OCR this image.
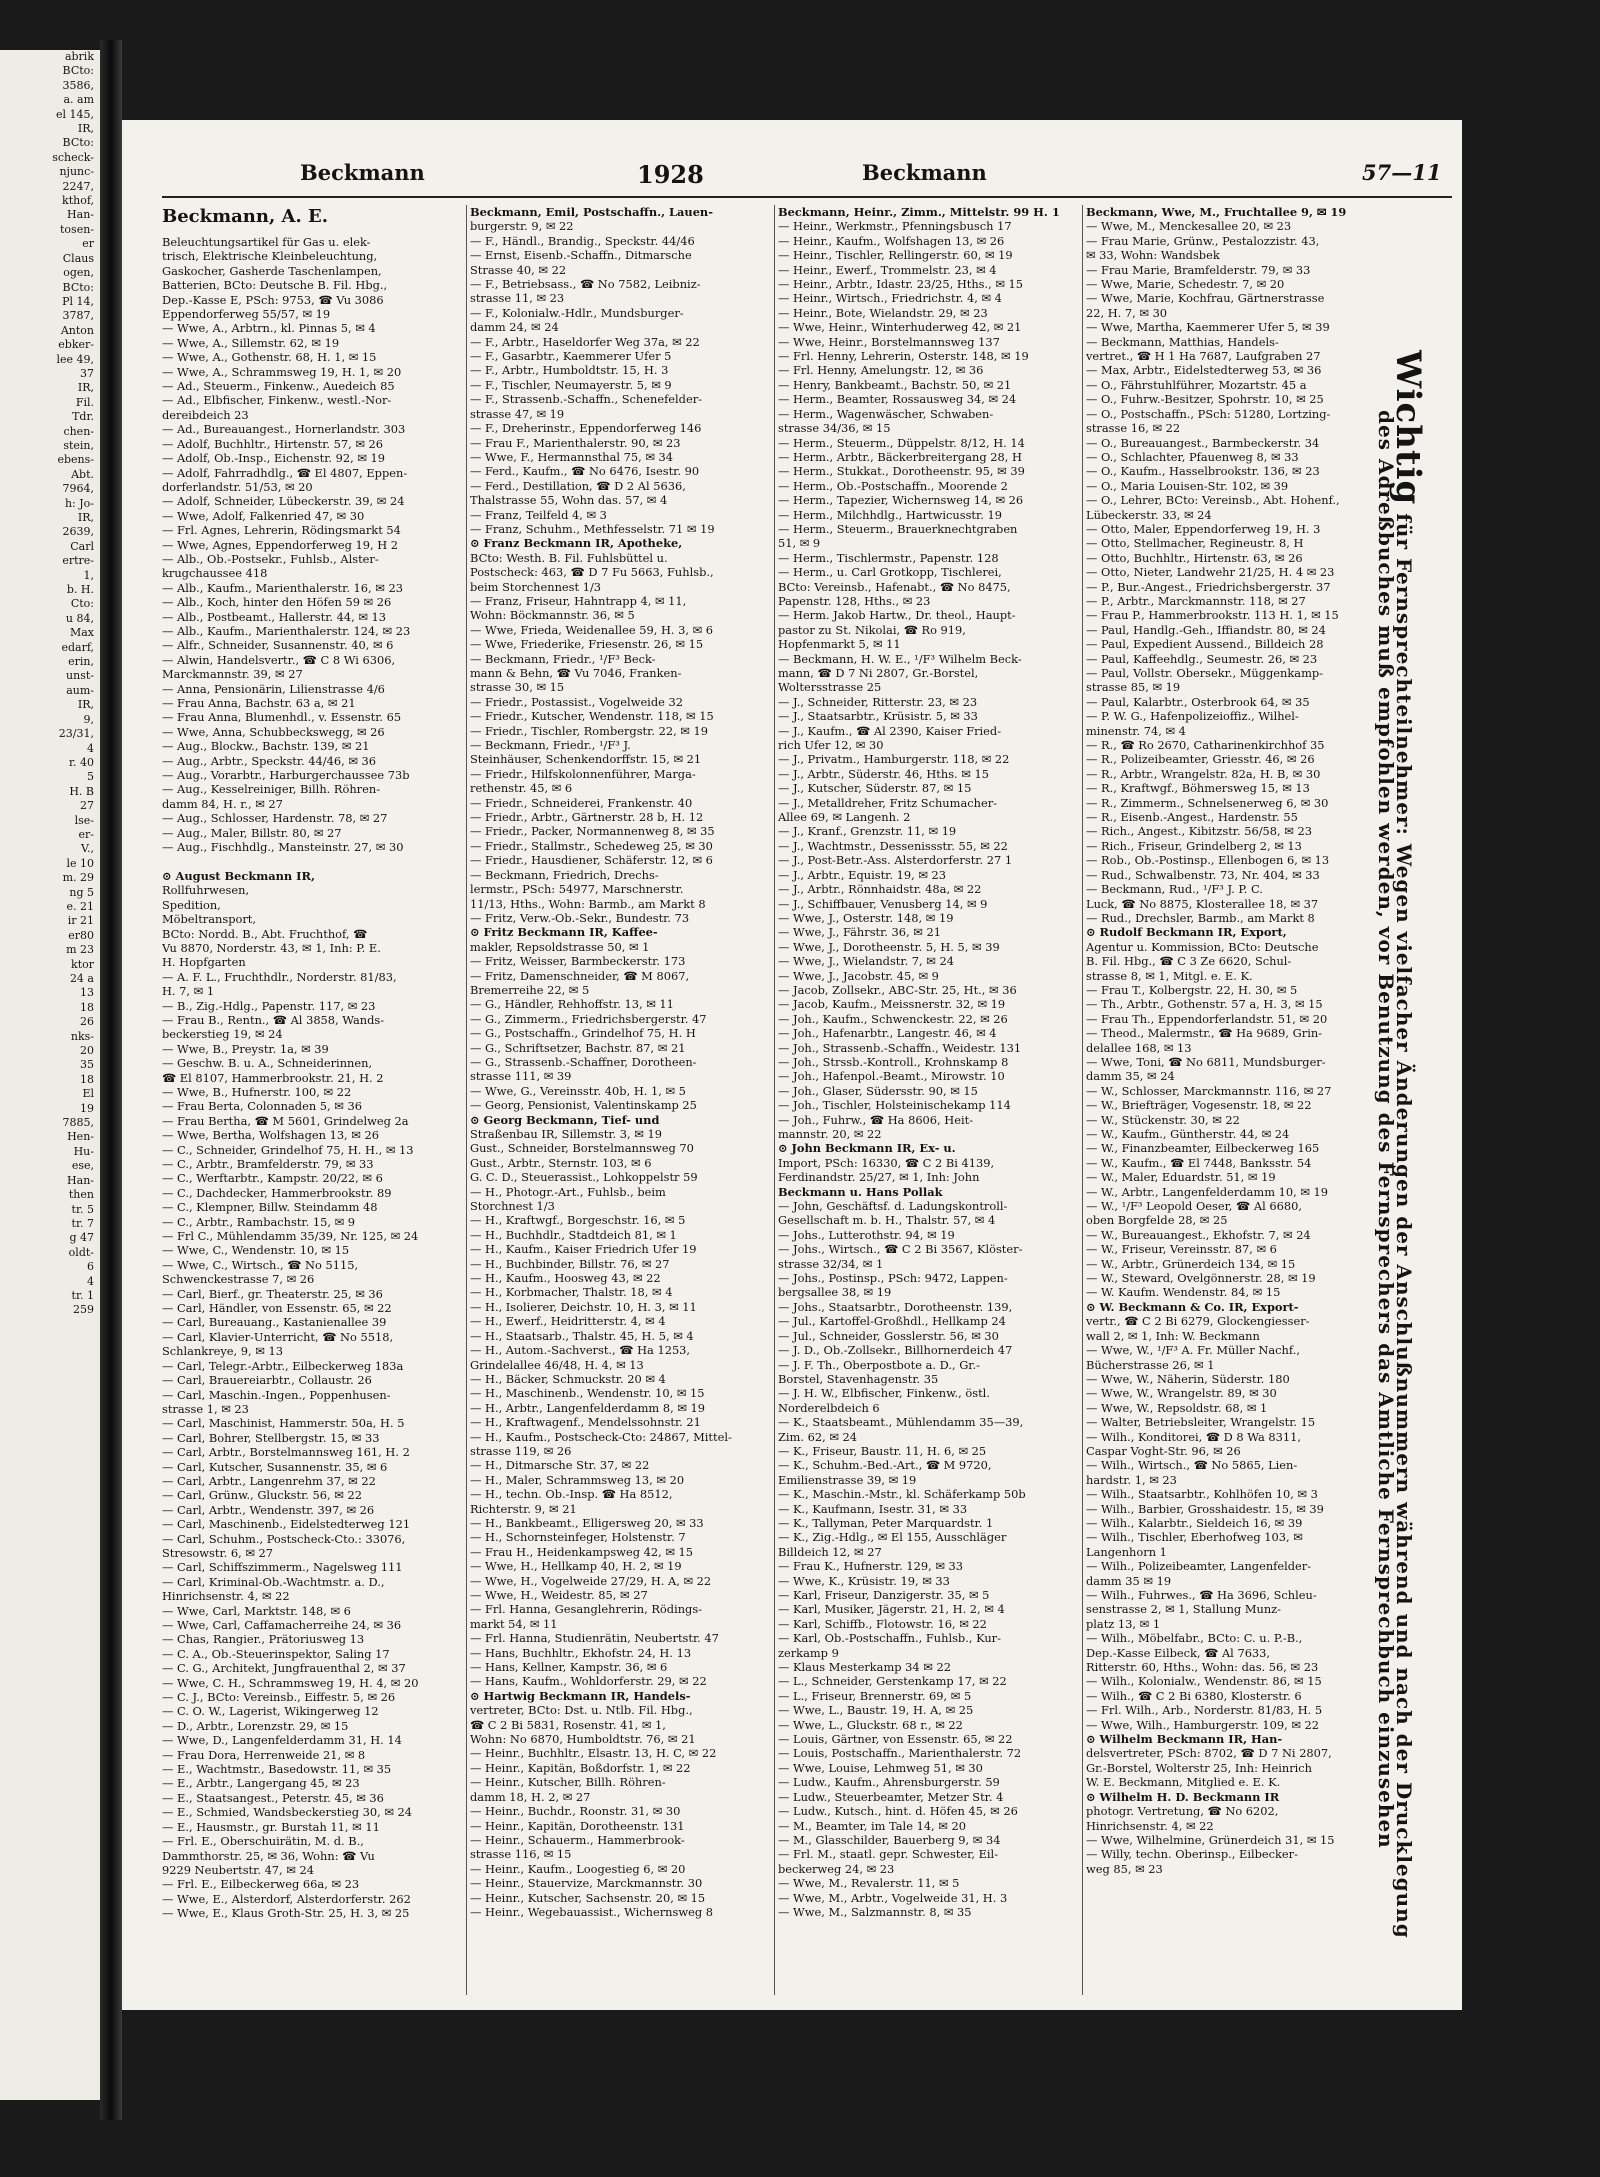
abrik
BCto:
3586,
a. am
el 145,
IR,
BCto:
scheck-
njunc-
2247,
kthof,
Han-
tosen-
er
Claus
ogen,
BCto:
Pl 14,
3787,
Anton
ebker-
lee 49,
37
IR,
Fil.
Tdr.
chen-
stein,
ebens-
Abt.
7964,
h: Jo-
IR,
2639,
Carl
ertre-
1,
b. H.
Cto:
u 84,
Max
edarf,
erin,
unst-
aum-
IR,
9,
23/31,
4
r. 40
5
H. B
27
lse-
er-
V.,
le 10
m. 29
ng 5
e. 21
ir 21
er80
m 23
ktor
24 a
13
18
26
nks-
20
35
18
El
19
7885,
Hen-
Hu-
ese,
Han-
then
tr. 5
tr. 7
g 47
oldt-
6
4
tr. 1
259
Beckmann	1928	Beckmann	57—11
Beckmann, A. E.
Beleuchtungsartikel für Gas u. elek-
trisch, Elektrische Kleinbeleuchtung,
Gaskocher, Gasherde Taschenlampen,
Batterien, BCto: Deutsche B. Fil. Hbg.,
Dep.-Kasse E, PSch: 9753, ☎ Vu 3086
Eppendorferweg 55/57, ✉ 19
— Wwe, A., Arbtrn., kl. Pinnas 5, ✉ 4
— Wwe, A., Sillemstr. 62, ✉ 19
— Wwe, A., Gothenstr. 68, H. 1, ✉ 15
— Wwe, A., Schrammsweg 19, H. 1, ✉ 20
— Ad., Steuerm., Finkenw., Auedeich 85
— Ad., Elbfischer, Finkenw., westl.-Nor-
dereibdeich 23
— Ad., Bureauangest., Hornerlandstr. 303
— Adolf, Buchhltr., Hirtenstr. 57, ✉ 26
— Adolf, Ob.-Insp., Eichenstr. 92, ✉ 19
— Adolf, Fahrradhdlg., ☎ El 4807, Eppen-
dorferlandstr. 51/53, ✉ 20
— Adolf, Schneider, Lübeckerstr. 39, ✉ 24
— Wwe, Adolf, Falkenried 47, ✉ 30
— Frl. Agnes, Lehrerin, Rödingsmarkt 54
— Wwe, Agnes, Eppendorferweg 19, H 2
— Alb., Ob.-Postsekr., Fuhlsb., Alster-
krugchaussee 418
— Alb., Kaufm., Marienthalerstr. 16, ✉ 23
— Alb., Koch, hinter den Höfen 59 ✉ 26
— Alb., Postbeamt., Hallerstr. 44, ✉ 13
— Alb., Kaufm., Marienthalerstr. 124, ✉ 23
— Alfr., Schneider, Susannenstr. 40, ✉ 6
— Alwin, Handelsvertr., ☎ C 8 Wi 6306,
Marckmannstr. 39, ✉ 27
— Anna, Pensionärin, Lilienstrasse 4/6
— Frau Anna, Bachstr. 63 a, ✉ 21
— Frau Anna, Blumenhdl., v. Essenstr. 65
— Wwe, Anna, Schubbeckswegg, ✉ 26
— Aug., Blockw., Bachstr. 139, ✉ 21
— Aug., Arbtr., Speckstr. 44/46, ✉ 36
— Aug., Vorarbtr., Harburgerchaussee 73b
— Aug., Kesselreiniger, Billh. Röhren-
damm 84, H. r., ✉ 27
— Aug., Schlosser, Hardenstr. 78, ✉ 27
— Aug., Maler, Billstr. 80, ✉ 27
— Aug., Fischhdlg., Mansteinstr. 27, ✉ 30

⊙ August Beckmann IR,
Rollfuhrwesen,
Spedition,
Möbeltransport,
BCto: Nordd. B., Abt. Fruchthof, ☎
Vu 8870, Norderstr. 43, ✉ 1, Inh: P. E.
H. Hopfgarten
— A. F. L., Fruchthdlr., Norderstr. 81/83,
H. 7, ✉ 1
— B., Zig.-Hdlg., Papenstr. 117, ✉ 23
— Frau B., Rentn., ☎ Al 3858, Wands-
beckerstieg 19, ✉ 24
— Wwe, B., Preystr. 1a, ✉ 39
— Geschw. B. u. A., Schneiderinnen,
☎ El 8107, Hammerbrookstr. 21, H. 2
— Wwe, B., Hufnerstr. 100, ✉ 22
— Frau Berta, Colonnaden 5, ✉ 36
— Frau Bertha, ☎ M 5601, Grindelweg 2a
— Wwe, Bertha, Wolfshagen 13, ✉ 26
— C., Schneider, Grindelhof 75, H. H., ✉ 13
— C., Arbtr., Bramfelderstr. 79, ✉ 33
— C., Werftarbtr., Kampstr. 20/22, ✉ 6
— C., Dachdecker, Hammerbrookstr. 89
— C., Klempner, Billw. Steindamm 48
— C., Arbtr., Rambachstr. 15, ✉ 9
— Frl C., Mühlendamm 35/39, Nr. 125, ✉ 24
— Wwe, C., Wendenstr. 10, ✉ 15
— Wwe, C., Wirtsch., ☎ No 5115,
Schwenckestrasse 7, ✉ 26
— Carl, Bierf., gr. Theaterstr. 25, ✉ 36
— Carl, Händler, von Essenstr. 65, ✉ 22
— Carl, Bureauang., Kastanienallee 39
— Carl, Klavier-Unterricht, ☎ No 5518,
Schlankreye, 9, ✉ 13
— Carl, Telegr.-Arbtr., Eilbeckerweg 183a
— Carl, Brauereiarbtr., Collaustr. 26
— Carl, Maschin.-Ingen., Poppenhusen-
strasse 1, ✉ 23
— Carl, Maschinist, Hammerstr. 50a, H. 5
— Carl, Bohrer, Stellbergstr. 15, ✉ 33
— Carl, Arbtr., Borstelmannsweg 161, H. 2
— Carl, Kutscher, Susannenstr. 35, ✉ 6
— Carl, Arbtr., Langenrehm 37, ✉ 22
— Carl, Grünw., Gluckstr. 56, ✉ 22
— Carl, Arbtr., Wendenstr. 397, ✉ 26
— Carl, Maschinenb., Eidelstedterweg 121
— Carl, Schuhm., Postscheck-Cto.: 33076,
Stresowstr. 6, ✉ 27
— Carl, Schiffszimmerm., Nagelsweg 111
— Carl, Kriminal-Ob.-Wachtmstr. a. D.,
Hinrichsenstr. 4, ✉ 22
— Wwe, Carl, Marktstr. 148, ✉ 6
— Wwe, Carl, Caffamacherreihe 24, ✉ 36
— Chas, Rangier., Prätoriusweg 13
— C. A., Ob.-Steuerinspektor, Saling 17
— C. G., Architekt, Jungfrauenthal 2, ✉ 37
— Wwe, C. H., Schrammsweg 19, H. 4, ✉ 20
— C. J., BCto: Vereinsb., Eiffestr. 5, ✉ 26
— C. O. W., Lagerist, Wikingerweg 12
— D., Arbtr., Lorenzstr. 29, ✉ 15
— Wwe, D., Langenfelderdamm 31, H. 14
— Frau Dora, Herrenweide 21, ✉ 8
— E., Wachtmstr., Basedowstr. 11, ✉ 35
— E., Arbtr., Langergang 45, ✉ 23
— E., Staatsangest., Peterstr. 45, ✉ 36
— E., Schmied, Wandsbeckerstieg 30, ✉ 24
— E., Hausmstr., gr. Burstah 11, ✉ 11
— Frl. E., Oberschuirätin, M. d. B.,
Dammthorstr. 25, ✉ 36, Wohn: ☎ Vu
9229 Neubertstr. 47, ✉ 24
— Frl. E., Eilbeckerweg 66a, ✉ 23
— Wwe, E., Alsterdorf, Alsterdorferstr. 262
— Wwe, E., Klaus Groth-Str. 25, H. 3, ✉ 25
Beckmann, Emil, Postschaffn., Lauen-
burgerstr. 9, ✉ 22
— F., Händl., Brandig., Speckstr. 44/46
— Ernst, Eisenb.-Schaffn., Ditmarsche
Strasse 40, ✉ 22
— F., Betriebsass., ☎ No 7582, Leibniz-
strasse 11, ✉ 23
— F., Kolonialw.-Hdlr., Mundsburger-
damm 24, ✉ 24
— F., Arbtr., Haseldorfer Weg 37a, ✉ 22
— F., Gasarbtr., Kaemmerer Ufer 5
— F., Arbtr., Humboldtstr. 15, H. 3
— F., Tischler, Neumayerstr. 5, ✉ 9
— F., Strassenb.-Schaffn., Schenefelder-
strasse 47, ✉ 19
— F., Dreherinstr., Eppendorferweg 146
— Frau F., Marienthalerstr. 90, ✉ 23
— Wwe, F., Hermannsthal 75, ✉ 34
— Ferd., Kaufm., ☎ No 6476, Isestr. 90
— Ferd., Destillation, ☎ D 2 Al 5636,
Thalstrasse 55, Wohn das. 57, ✉ 4
— Franz, Teilfeld 4, ✉ 3
— Franz, Schuhm., Methfesselstr. 71 ✉ 19
⊙ Franz Beckmann IR, Apotheke,
BCto: Westh. B. Fil. Fuhlsbüttel u.
Postscheck: 463, ☎ D 7 Fu 5663, Fuhlsb.,
beim Storchennest 1/3
— Franz, Friseur, Hahntrapp 4, ✉ 11,
Wohn: Böckmannstr. 36, ✉ 5
— Wwe, Frieda, Weidenallee 59, H. 3, ✉ 6
— Wwe, Friederike, Friesenstr. 26, ✉ 15
— Beckmann, Friedr., ¹/F³ Beck-
mann & Behn, ☎ Vu 7046, Franken-
strasse 30, ✉ 15
— Friedr., Postassist., Vogelweide 32
— Friedr., Kutscher, Wendenstr. 118, ✉ 15
— Friedr., Tischler, Rombergstr. 22, ✉ 19
— Beckmann, Friedr., ¹/F³ J.
Steinhäuser, Schenkendorffstr. 15, ✉ 21
— Friedr., Hilfskolonnenführer, Marga-
rethenstr. 45, ✉ 6
— Friedr., Schneiderei, Frankenstr. 40
— Friedr., Arbtr., Gärtnerstr. 28 b, H. 12
— Friedr., Packer, Normannenweg 8, ✉ 35
— Friedr., Stallmstr., Schedeweg 25, ✉ 30
— Friedr., Hausdiener, Schäferstr. 12, ✉ 6
— Beckmann, Friedrich, Drechs-
lermstr., PSch: 54977, Marschnerstr.
11/13, Hths., Wohn: Barmb., am Markt 8
— Fritz, Verw.-Ob.-Sekr., Bundestr. 73
⊙ Fritz Beckmann IR, Kaffee-
makler, Repsoldstrasse 50, ✉ 1
— Fritz, Weisser, Barmbeckerstr. 173
— Fritz, Damenschneider, ☎ M 8067,
Bremerreihe 22, ✉ 5
— G., Händler, Rehhoffstr. 13, ✉ 11
— G., Zimmerm., Friedrichsbergerstr. 47
— G., Postschaffn., Grindelhof 75, H. H
— G., Schriftsetzer, Bachstr. 87, ✉ 21
— G., Strassenb.-Schaffner, Dorotheen-
strasse 111, ✉ 39
— Wwe, G., Vereinsstr. 40b, H. 1, ✉ 5
— Georg, Pensionist, Valentinskamp 25
⊙ Georg Beckmann, Tief- und
Straßenbau IR, Sillemstr. 3, ✉ 19
Gust., Schneider, Borstelmannsweg 70
Gust., Arbtr., Sternstr. 103, ✉ 6
G. C. D., Steuerassist., Lohkoppelstr 59
— H., Photogr.-Art., Fuhlsb., beim
Storchnest 1/3
— H., Kraftwgf., Borgeschstr. 16, ✉ 5
— H., Buchhdlr., Stadtdeich 81, ✉ 1
— H., Kaufm., Kaiser Friedrich Ufer 19
— H., Buchbinder, Billstr. 76, ✉ 27
— H., Kaufm., Hoosweg 43, ✉ 22
— H., Korbmacher, Thalstr. 18, ✉ 4
— H., Isolierer, Deichstr. 10, H. 3, ✉ 11
— H., Ewerf., Heidritterstr. 4, ✉ 4
— H., Staatsarb., Thalstr. 45, H. 5, ✉ 4
— H., Autom.-Sachverst., ☎ Ha 1253,
Grindelallee 46/48, H. 4, ✉ 13
— H., Bäcker, Schmuckstr. 20 ✉ 4
— H., Maschinenb., Wendenstr. 10, ✉ 15
— H., Arbtr., Langenfelderdamm 8, ✉ 19
— H., Kraftwagenf., Mendelssohnstr. 21
— H., Kaufm., Postscheck-Cto: 24867, Mittel-
strasse 119, ✉ 26
— H., Ditmarsche Str. 37, ✉ 22
— H., Maler, Schrammsweg 13, ✉ 20
— H., techn. Ob.-Insp. ☎ Ha 8512,
Richterstr. 9, ✉ 21
— H., Bankbeamt., Elligersweg 20, ✉ 33
— H., Schornsteinfeger, Holstenstr. 7
— Frau H., Heidenkampsweg 42, ✉ 15
— Wwe, H., Hellkamp 40, H. 2, ✉ 19
— Wwe, H., Vogelweide 27/29, H. A, ✉ 22
— Wwe, H., Weidestr. 85, ✉ 27
— Frl. Hanna, Gesanglehrerin, Rödings-
markt 54, ✉ 11
— Frl. Hanna, Studienrätin, Neubertstr. 47
— Hans, Buchhltr., Ekhofstr. 24, H. 13
— Hans, Kellner, Kampstr. 36, ✉ 6
— Hans, Kaufm., Wohldorferstr. 29, ✉ 22
⊙ Hartwig Beckmann IR, Handels-
vertreter, BCto: Dst. u. Ntlb. Fil. Hbg.,
☎ C 2 Bi 5831, Rosenstr. 41, ✉ 1,
Wohn: No 6870, Humboldtstr. 76, ✉ 21
— Heinr., Buchhltr., Elsastr. 13, H. C, ✉ 22
— Heinr., Kapitän, Boßdorfstr. 1, ✉ 22
— Heinr., Kutscher, Billh. Röhren-
damm 18, H. 2, ✉ 27
— Heinr., Buchdr., Roonstr. 31, ✉ 30
— Heinr., Kapitän, Dorotheenstr. 131
— Heinr., Schauerm., Hammerbrook-
strasse 116, ✉ 15
— Heinr., Kaufm., Loogestieg 6, ✉ 20
— Heinr., Stauervize, Marckmannstr. 30
— Heinr., Kutscher, Sachsenstr. 20, ✉ 15
— Heinr., Wegebauassist., Wichernsweg 8
Beckmann, Heinr., Zimm., Mittelstr. 99 H. 1
— Heinr., Werkmstr., Pfenningsbusch 17
— Heinr., Kaufm., Wolfshagen 13, ✉ 26
— Heinr., Tischler, Rellingerstr. 60, ✉ 19
— Heinr., Ewerf., Trommelstr. 23, ✉ 4
— Heinr., Arbtr., Idastr. 23/25, Hths., ✉ 15
— Heinr., Wirtsch., Friedrichstr. 4, ✉ 4
— Heinr., Bote, Wielandstr. 29, ✉ 23
— Wwe, Heinr., Winterhuderweg 42, ✉ 21
— Wwe, Heinr., Borstelmannsweg 137
— Frl. Henny, Lehrerin, Osterstr. 148, ✉ 19
— Frl. Henny, Amelungstr. 12, ✉ 36
— Henry, Bankbeamt., Bachstr. 50, ✉ 21
— Herm., Beamter, Rossausweg 34, ✉ 24
— Herm., Wagenwäscher, Schwaben-
strasse 34/36, ✉ 15
— Herm., Steuerm., Düppelstr. 8/12, H. 14
— Herm., Arbtr., Bäckerbreitergang 28, H
— Herm., Stukkat., Dorotheenstr. 95, ✉ 39
— Herm., Ob.-Postschaffn., Moorende 2
— Herm., Tapezier, Wichernsweg 14, ✉ 26
— Herm., Milchhdlg., Hartwicusstr. 19
— Herm., Steuerm., Brauerknechtgraben
51, ✉ 9
— Herm., Tischlermstr., Papenstr. 128
— Herm., u. Carl Grotkopp, Tischlerei,
BCto: Vereinsb., Hafenabt., ☎ No 8475,
Papenstr. 128, Hths., ✉ 23
— Herm. Jakob Hartw., Dr. theol., Haupt-
pastor zu St. Nikolai, ☎ Ro 919,
Hopfenmarkt 5, ✉ 11
— Beckmann, H. W. E., ¹/F³ Wilhelm Beck-
mann, ☎ D 7 Ni 2807, Gr.-Borstel,
Woltersstrasse 25
— J., Schneider, Ritterstr. 23, ✉ 23
— J., Staatsarbtr., Krüsistr. 5, ✉ 33
— J., Kaufm., ☎ Al 2390, Kaiser Fried-
rich Ufer 12, ✉ 30
— J., Privatm., Hamburgerstr. 118, ✉ 22
— J., Arbtr., Süderstr. 46, Hths. ✉ 15
— J., Kutscher, Süderstr. 87, ✉ 15
— J., Metalldreher, Fritz Schumacher-
Allee 69, ✉ Langenh. 2
— J., Kranf., Grenzstr. 11, ✉ 19
— J., Wachtmstr., Dessenissstr. 55, ✉ 22
— J., Post-Betr.-Ass. Alsterdorferstr. 27 1
— J., Arbtr., Equistr. 19, ✉ 23
— J., Arbtr., Rönnhaidstr. 48a, ✉ 22
— J., Schiffbauer, Venusberg 14, ✉ 9
— Wwe, J., Osterstr. 148, ✉ 19
— Wwe, J., Fährstr. 36, ✉ 21
— Wwe, J., Dorotheenstr. 5, H. 5, ✉ 39
— Wwe, J., Wielandstr. 7, ✉ 24
— Wwe, J., Jacobstr. 45, ✉ 9
— Jacob, Zollsekr., ABC-Str. 25, Ht., ✉ 36
— Jacob, Kaufm., Meissnerstr. 32, ✉ 19
— Joh., Kaufm., Schwenckestr. 22, ✉ 26
— Joh., Hafenarbtr., Langestr. 46, ✉ 4
— Joh., Strassenb.-Schaffn., Weidestr. 131
— Joh., Strssb.-Kontroll., Krohnskamp 8
— Joh., Hafenpol.-Beamt., Mirowstr. 10
— Joh., Glaser, Südersstr. 90, ✉ 15
— Joh., Tischler, Holsteinischekamp 114
— Joh., Fuhrw., ☎ Ha 8606, Heit-
mannstr. 20, ✉ 22
⊙ John Beckmann IR, Ex- u.
Import, PSch: 16330, ☎ C 2 Bi 4139,
Ferdinandstr. 25/27, ✉ 1, Inh: John
Beckmann u. Hans Pollak
— John, Geschäftsf. d. Ladungskontroll-
Gesellschaft m. b. H., Thalstr. 57, ✉ 4
— Johs., Lutterothstr. 94, ✉ 19
— Johs., Wirtsch., ☎ C 2 Bi 3567, Klöster-
strasse 32/34, ✉ 1
— Johs., Postinsp., PSch: 9472, Lappen-
bergsallee 38, ✉ 19
— Johs., Staatsarbtr., Dorotheenstr. 139,
— Jul., Kartoffel-Großhdl., Hellkamp 24
— Jul., Schneider, Gosslerstr. 56, ✉ 30
— J. D., Ob.-Zollsekr., Billhornerdeich 47
— J. F. Th., Oberpostbote a. D., Gr.-
Borstel, Stavenhagenstr. 35
— J. H. W., Elbfischer, Finkenw., östl.
Norderelbdeich 6
— K., Staatsbeamt., Mühlendamm 35—39,
Zim. 62, ✉ 24
— K., Friseur, Baustr. 11, H. 6, ✉ 25
— K., Schuhm.-Bed.-Art., ☎ M 9720,
Emilienstrasse 39, ✉ 19
— K., Maschin.-Mstr., kl. Schäferkamp 50b
— K., Kaufmann, Isestr. 31, ✉ 33
— K., Tallyman, Peter Marquardstr. 1
— K., Zig.-Hdlg., ✉ El 155, Ausschläger
Billdeich 12, ✉ 27
— Frau K., Hufnerstr. 129, ✉ 33
— Wwe, K., Krüsistr. 19, ✉ 33
— Karl, Friseur, Danzigerstr. 35, ✉ 5
— Karl, Musiker, Jägerstr. 21, H. 2, ✉ 4
— Karl, Schiffb., Flotowstr. 16, ✉ 22
— Karl, Ob.-Postschaffn., Fuhlsb., Kur-
zerkamp 9
— Klaus Mesterkamp 34 ✉ 22
— L., Schneider, Gerstenkamp 17, ✉ 22
— L., Friseur, Brennerstr. 69, ✉ 5
— Wwe, L., Baustr. 19, H. A, ✉ 25
— Wwe, L., Gluckstr. 68 r., ✉ 22
— Louis, Gärtner, von Essenstr. 65, ✉ 22
— Louis, Postschaffn., Marienthalerstr. 72
— Wwe, Louise, Lehmweg 51, ✉ 30
— Ludw., Kaufm., Ahrensburgerstr. 59
— Ludw., Steuerbeamter, Metzer Str. 4
— Ludw., Kutsch., hint. d. Höfen 45, ✉ 26
— M., Beamter, im Tale 14, ✉ 20
— M., Glasschilder, Bauerberg 9, ✉ 34
— Frl. M., staatl. gepr. Schwester, Eil-
beckerweg 24, ✉ 23
— Wwe, M., Revalerstr. 11, ✉ 5
— Wwe, M., Arbtr., Vogelweide 31, H. 3
— Wwe, M., Salzmannstr. 8, ✉ 35
Beckmann, Wwe, M., Fruchtallee 9, ✉ 19
— Wwe, M., Menckesallee 20, ✉ 23
— Frau Marie, Grünw., Pestalozzistr. 43,
✉ 33, Wohn: Wandsbek
— Frau Marie, Bramfelderstr. 79, ✉ 33
— Wwe, Marie, Schedestr. 7, ✉ 20
— Wwe, Marie, Kochfrau, Gärtnerstrasse
22, H. 7, ✉ 30
— Wwe, Martha, Kaemmerer Ufer 5, ✉ 39
— Beckmann, Matthias, Handels-
vertret., ☎ H 1 Ha 7687, Laufgraben 27
— Max, Arbtr., Eidelstedterweg 53, ✉ 36
— O., Fährstuhlführer, Mozartstr. 45 a
— O., Fuhrw.-Besitzer, Spohrstr. 10, ✉ 25
— O., Postschaffn., PSch: 51280, Lortzing-
strasse 16, ✉ 22
— O., Bureauangest., Barmbeckerstr. 34
— O., Schlachter, Pfauenweg 8, ✉ 33
— O., Kaufm., Hasselbrookstr. 136, ✉ 23
— O., Maria Louisen-Str. 102, ✉ 39
— O., Lehrer, BCto: Vereinsb., Abt. Hohenf.,
Lübeckerstr. 33, ✉ 24
— Otto, Maler, Eppendorferweg 19, H. 3
— Otto, Stellmacher, Regineustr. 8, H
— Otto, Buchhltr., Hirtenstr. 63, ✉ 26
— Otto, Nieter, Landwehr 21/25, H. 4 ✉ 23
— P., Bur.-Angest., Friedrichsbergerstr. 37
— P., Arbtr., Marckmannstr. 118, ✉ 27
— Frau P., Hammerbrookstr. 113 H. 1, ✉ 15
— Paul, Handlg.-Geh., Iffiandstr. 80, ✉ 24
— Paul, Expedient Aussend., Billdeich 28
— Paul, Kaffeehdlg., Seumestr. 26, ✉ 23
— Paul, Vollstr. Obersekr., Müggenkamp-
strasse 85, ✉ 19
— Paul, Kalarbtr., Osterbrook 64, ✉ 35
— P. W. G., Hafenpolizeioffiz., Wilhel-
minenstr. 74, ✉ 4
— R., ☎ Ro 2670, Catharinenkirchhof 35
— R., Polizeibeamter, Griesstr. 46, ✉ 26
— R., Arbtr., Wrangelstr. 82a, H. B, ✉ 30
— R., Kraftwgf., Böhmersweg 15, ✉ 13
— R., Zimmerm., Schnelsenerweg 6, ✉ 30
— R., Eisenb.-Angest., Hardenstr. 55
— Rich., Angest., Kibitzstr. 56/58, ✉ 23
— Rich., Friseur, Grindelberg 2, ✉ 13
— Rob., Ob.-Postinsp., Ellenbogen 6, ✉ 13
— Rud., Schwalbenstr. 73, Nr. 404, ✉ 33
— Beckmann, Rud., ¹/F³ J. P. C.
Luck, ☎ No 8875, Klosterallee 18, ✉ 37
— Rud., Drechsler, Barmb., am Markt 8
⊙ Rudolf Beckmann IR, Export,
Agentur u. Kommission, BCto: Deutsche
B. Fil. Hbg., ☎ C 3 Ze 6620, Schul-
strasse 8, ✉ 1, Mitgl. e. E. K.
— Frau T., Kolbergstr. 22, H. 30, ✉ 5
— Th., Arbtr., Gothenstr. 57 a, H. 3, ✉ 15
— Frau Th., Eppendorferlandstr. 51, ✉ 20
— Theod., Malermstr., ☎ Ha 9689, Grin-
delallee 168, ✉ 13
— Wwe, Toni, ☎ No 6811, Mundsburger-
damm 35, ✉ 24
— W., Schlosser, Marckmannstr. 116, ✉ 27
— W., Briefträger, Vogesenstr. 18, ✉ 22
— W., Stückenstr. 30, ✉ 22
— W., Kaufm., Güntherstr. 44, ✉ 24
— W., Finanzbeamter, Eilbeckerweg 165
— W., Kaufm., ☎ El 7448, Banksstr. 54
— W., Maler, Eduardstr. 51, ✉ 19
— W., Arbtr., Langenfelderdamm 10, ✉ 19
— W., ¹/F³ Leopold Oeser, ☎ Al 6680,
oben Borgfelde 28, ✉ 25
— W., Bureauangest., Ekhofstr. 7, ✉ 24
— W., Friseur, Vereinsstr. 87, ✉ 6
— W., Arbtr., Grünerdeich 134, ✉ 15
— W., Steward, Ovelgönnerstr. 28, ✉ 19
— W. Kaufm. Wendenstr. 84, ✉ 15
⊙ W. Beckmann & Co. IR, Export-
vertr., ☎ C 2 Bi 6279, Glockengiesser-
wall 2, ✉ 1, Inh: W. Beckmann
— Wwe, W., ¹/F³ A. Fr. Müller Nachf.,
Bücherstrasse 26, ✉ 1
— Wwe, W., Näherin, Süderstr. 180
— Wwe, W., Wrangelstr. 89, ✉ 30
— Wwe, W., Repsoldstr. 68, ✉ 1
— Walter, Betriebsleiter, Wrangelstr. 15
— Wilh., Konditorei, ☎ D 8 Wa 8311,
Caspar Voght-Str. 96, ✉ 26
— Wilh., Wirtsch., ☎ No 5865, Lien-
hardstr. 1, ✉ 23
— Wilh., Staatsarbtr., Kohlhöfen 10, ✉ 3
— Wilh., Barbier, Grosshaidestr. 15, ✉ 39
— Wilh., Kalarbtr., Sieldeich 16, ✉ 39
— Wilh., Tischler, Eberhofweg 103, ✉
Langenhorn 1
— Wilh., Polizeibeamter, Langenfelder-
damm 35 ✉ 19
— Wilh., Fuhrwes., ☎ Ha 3696, Schleu-
senstrasse 2, ✉ 1, Stallung Munz-
platz 13, ✉ 1
— Wilh., Möbelfabr., BCto: C. u. P.-B.,
Dep.-Kasse Eilbeck, ☎ Al 7633,
Ritterstr. 60, Hths., Wohn: das. 56, ✉ 23
— Wilh., Kolonialw., Wendenstr. 86, ✉ 15
— Wilh., ☎ C 2 Bi 6380, Klosterstr. 6
— Frl. Wilh., Arb., Norderstr. 81/83, H. 5
— Wwe, Wilh., Hamburgerstr. 109, ✉ 22
⊙ Wilhelm Beckmann IR, Han-
delsvertreter, PSch: 8702, ☎ D 7 Ni 2807,
Gr.-Borstel, Wolterstr 25, Inh: Heinrich
W. E. Beckmann, Mitglied e. E. K.
⊙ Wilhelm H. D. Beckmann IR
photogr. Vertretung, ☎ No 6202,
Hinrichsenstr. 4, ✉ 22
— Wwe, Wilhelmine, Grünerdeich 31, ✉ 15
— Willy, techn. Oberinsp., Eilbecker-
weg 85, ✉ 23
Wichtig für Fernsprechteilnehmer: Wegen vielfacher Änderungen der Anschlußnummern während und nach der Drucklegung
des Adreßbuches muß empfohlen werden, vor Benutzung des Fernsprechers das Amtliche Fernsprechbuch einzusehen
